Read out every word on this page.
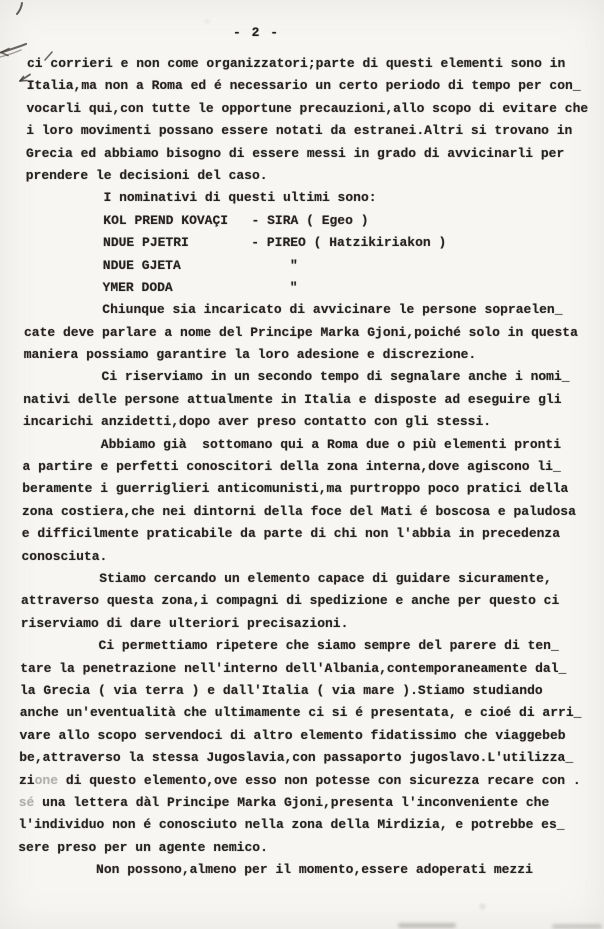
- 2 -
ci corrieri e non come organizzatori;parte di questi elementi sono in
Italia,ma non a Roma ed é necessario un certo periodo di tempo per con_
vocarli qui,con tutte le opportune precauzioni,allo scopo di evitare che
i loro movimenti possano essere notati da estranei.Altri si trovano in
Grecia ed abbiamo bisogno di essere messi in grado di avvicinarli per
prendere le decisioni del caso.
I nominativi di questi ultimi sono:
KOL PREND KOVAÇI   - SIRA ( Egeo )
NDUE PJETRI        - PIREO ( Hatzikiriakon )
NDUE GJETA              "
YMER DODA               "
Chiunque sia incaricato di avvicinare le persone sopraelen_
cate deve parlare a nome del Principe Marka Gjoni,poiché solo in questa
maniera possiamo garantire la loro adesione e discrezione.
Ci riserviamo in un secondo tempo di segnalare anche i nomi_
nativi delle persone attualmente in Italia e disposte ad eseguire gli
incarichi anzidetti,dopo aver preso contatto con gli stessi.
Abbiamo già  sottomano qui a Roma due o più elementi pronti
a partire e perfetti conoscitori della zona interna,dove agiscono li_
beramente i guerriglieri anticomunisti,ma purtroppo poco pratici della
zona costiera,che nei dintorni della foce del Mati é boscosa e paludosa
e difficilmente praticabile da parte di chi non l'abbia in precedenza
conosciuta.
Stiamo cercando un elemento capace di guidare sicuramente,
attraverso questa zona,i compagni di spedizione e anche per questo ci
riserviamo di dare ulteriori precisazioni.
Ci permettiamo ripetere che siamo sempre del parere di ten_
tare la penetrazione nell'interno dell'Albania,contemporaneamente dal_
la Grecia ( via terra ) e dall'Italia ( via mare ).Stiamo studiando
anche un'eventualità che ultimamente ci si é presentata, e cioé di arri_
vare allo scopo servendoci di altro elemento fidatissimo che viaggebeb
be,attraverso la stessa Jugoslavia,con passaporto jugoslavo.L'utilizza_
zione di questo elemento,ove esso non potesse con sicurezza recare con .
sé una lettera dàl Principe Marka Gjoni,presenta l'inconveniente che
l'individuo non é conosciuto nella zona della Mirdizia, e potrebbe es_
sere preso per un agente nemico.
Non possono,almeno per il momento,essere adoperati mezzi
